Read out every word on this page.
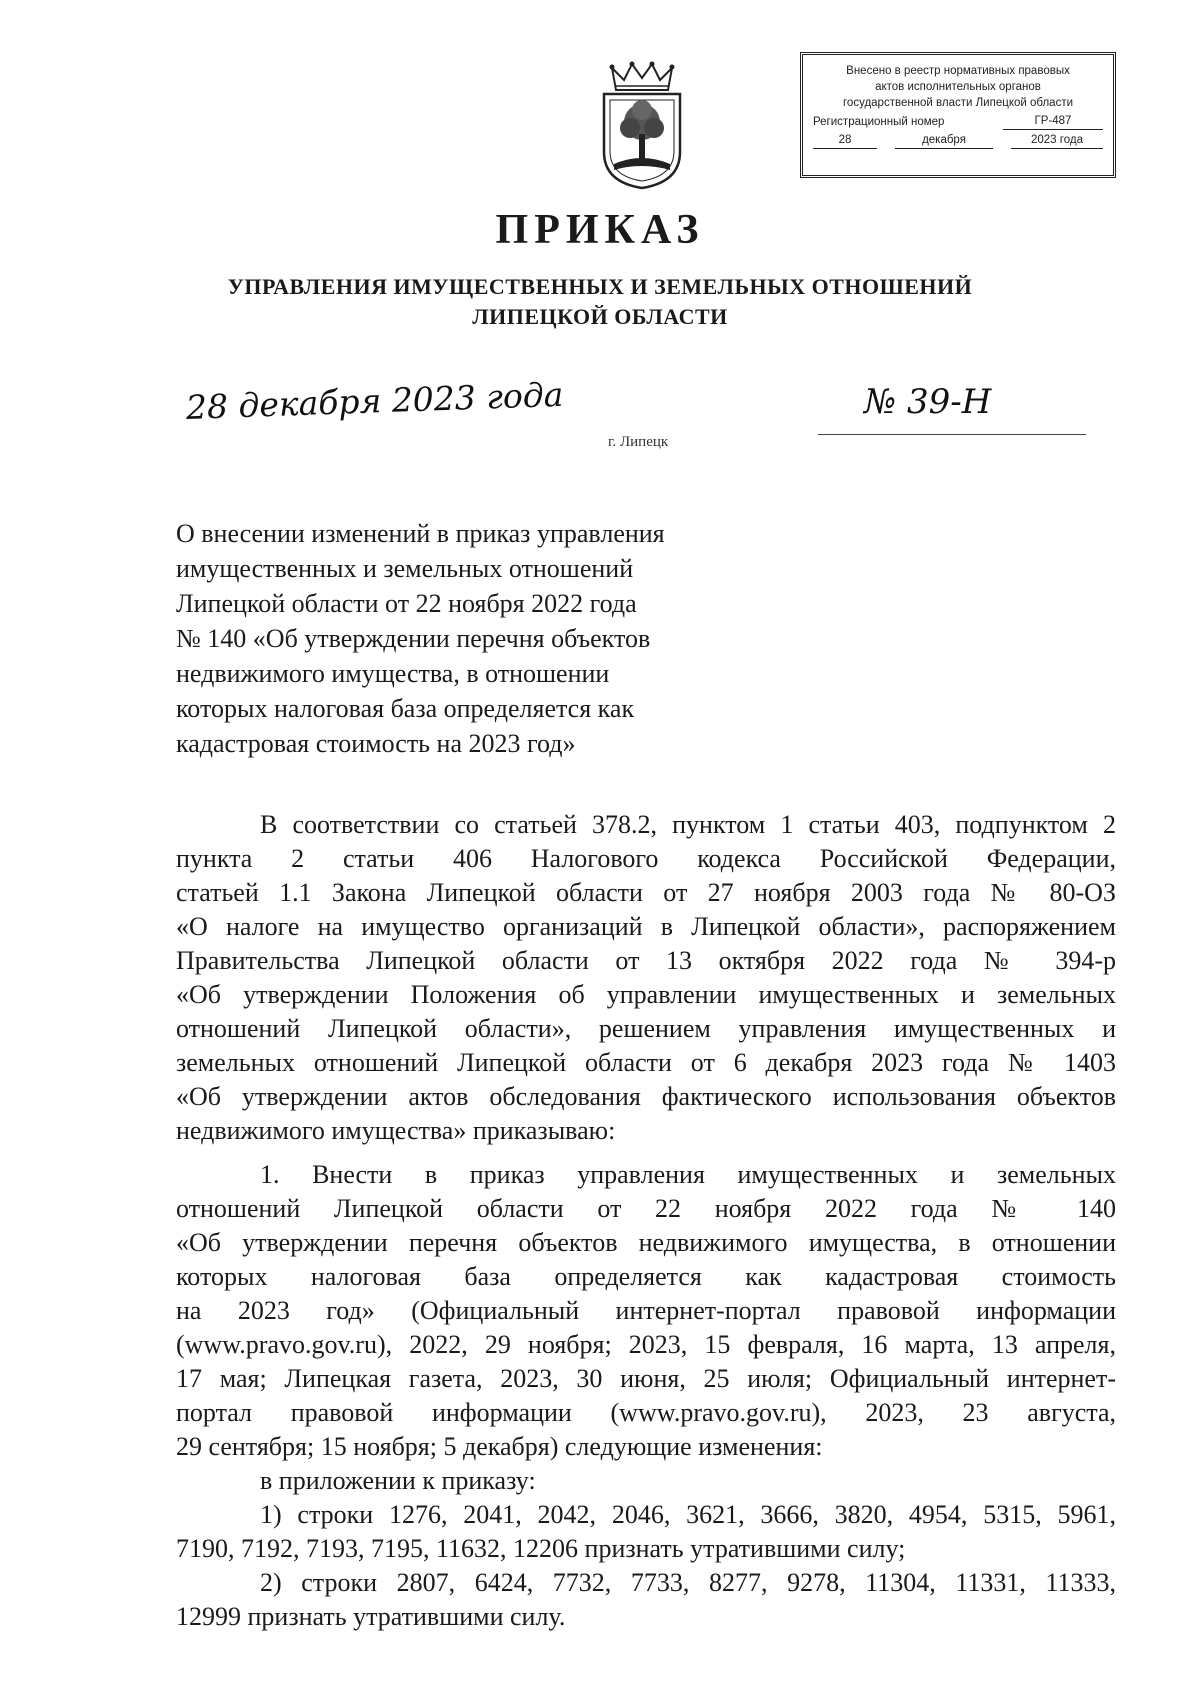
Внесено в реестр нормативных правовых
актов исполнительных органов
государственной власти Липецкой области
Регистрационный номер	ГР-487
28	декабря	2023 года
ПРИКАЗ
УПРАВЛЕНИЯ ИМУЩЕСТВЕННЫХ И ЗЕМЕЛЬНЫХ ОТНОШЕНИЙ
ЛИПЕЦКОЙ ОБЛАСТИ
28 декабря 2023 года	№ 39-Н
г. Липецк
О внесении изменений в приказ управления
имущественных и земельных отношений
Липецкой области от 22 ноября 2022 года
№ 140 «Об утверждении перечня объектов
недвижимого имущества, в отношении
которых налоговая база определяется как
кадастровая стоимость на 2023 год»
В соответствии со статьей 378.2, пунктом 1 статьи 403, подпунктом 2
пункта 2 статьи 406 Налогового кодекса Российской Федерации,
статьей 1.1 Закона Липецкой области от 27 ноября 2003 года № 80-ОЗ
«О налоге на имущество организаций в Липецкой области», распоряжением
Правительства Липецкой области от 13 октября 2022 года № 394-р
«Об утверждении Положения об управлении имущественных и земельных
отношений Липецкой области», решением управления имущественных и
земельных отношений Липецкой области от 6 декабря 2023 года № 1403
«Об утверждении актов обследования фактического использования объектов
недвижимого имущества» приказываю:
1. Внести в приказ управления имущественных и земельных
отношений Липецкой области от 22 ноября 2022 года № 140
«Об утверждении перечня объектов недвижимого имущества, в отношении
которых налоговая база определяется как кадастровая стоимость
на 2023 год» (Официальный интернет-портал правовой информации
(www.pravo.gov.ru), 2022, 29 ноября; 2023, 15 февраля, 16 марта, 13 апреля,
17 мая; Липецкая газета, 2023, 30 июня, 25 июля; Официальный интернет-
портал правовой информации (www.pravo.gov.ru), 2023, 23 августа,
29 сентября; 15 ноября; 5 декабря) следующие изменения:
в приложении к приказу:
1) строки 1276, 2041, 2042, 2046, 3621, 3666, 3820, 4954, 5315, 5961,
7190, 7192, 7193, 7195, 11632, 12206 признать утратившими силу;
2) строки 2807, 6424, 7732, 7733, 8277, 9278, 11304, 11331, 11333,
12999 признать утратившими силу.
